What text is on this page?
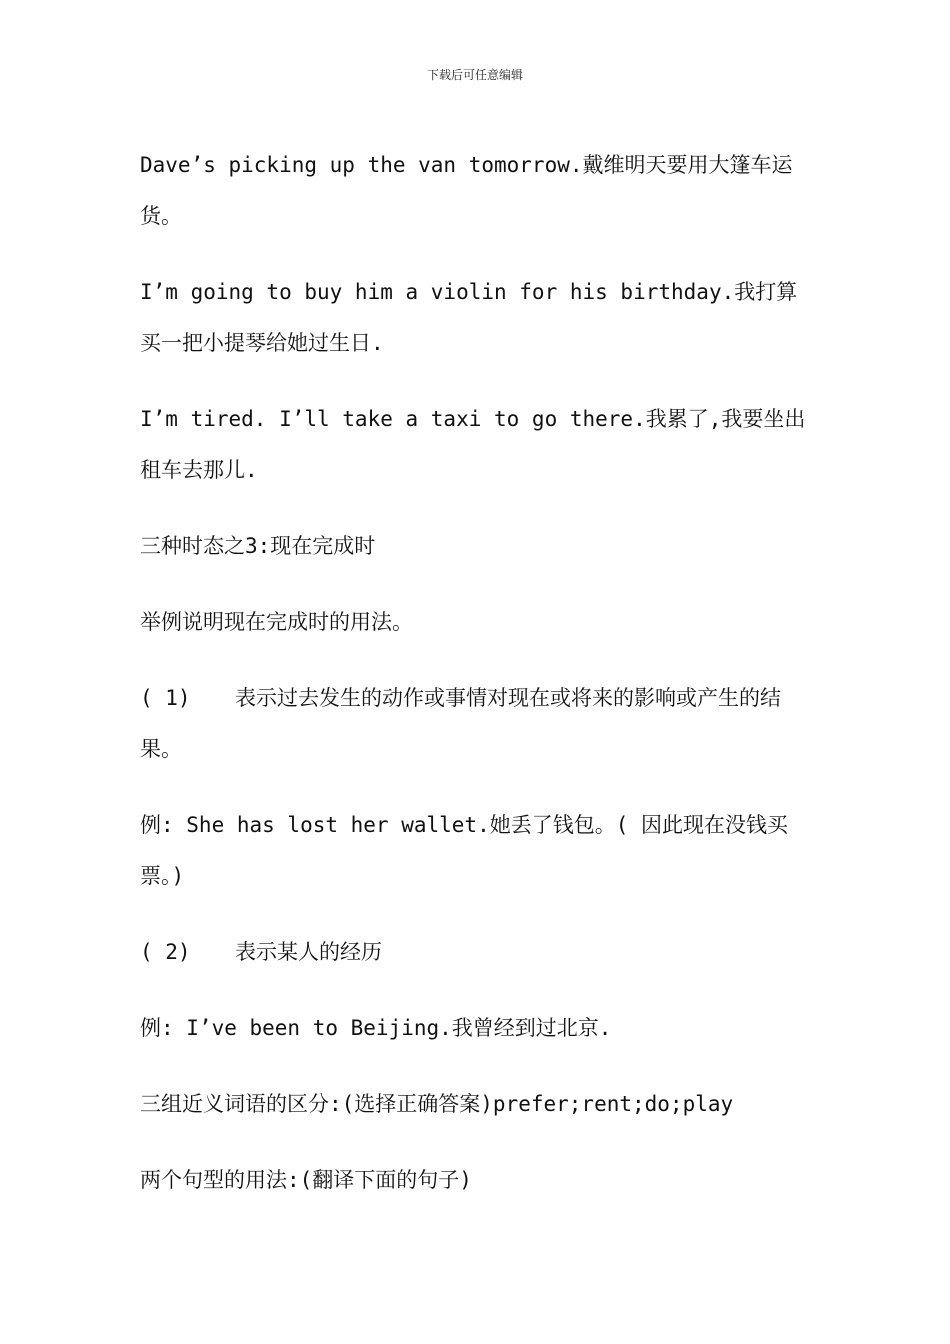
下载后可任意编辑

Dave’s picking up the van tomorrow.戴维明天要用大篷车运货。

I’m going to buy him a violin for his birthday.我打算买一把小提琴给她过生日.

I’m tired. I’ll take a taxi to go there.我累了,我要坐出租车去那儿.

三种时态之3:现在完成时

举例说明现在完成时的用法。

( 1) 表示过去发生的动作或事情对现在或将来的影响或产生的结果。

例: She has lost her wallet.她丢了钱包。( 因此现在没钱买票。)

( 2) 表示某人的经历

例: I’ve been to Beijing.我曾经到过北京.

三组近义词语的区分:(选择正确答案)prefer;rent;do;play

两个句型的用法:(翻译下面的句子)
